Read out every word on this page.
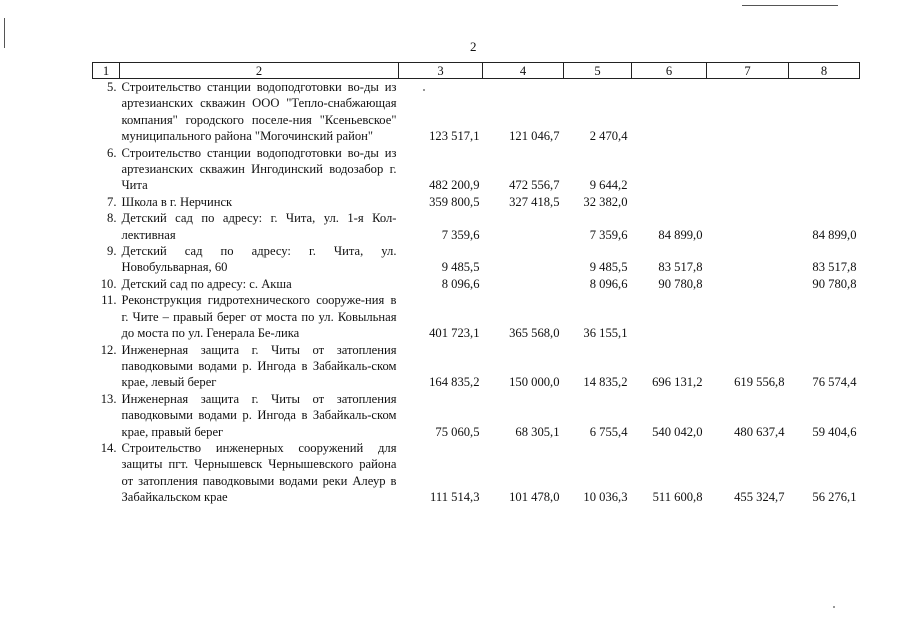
2
1	2	3	4	5	6	7	8
5.	Строительство станции водоподготовки во-ды из артезианских скважин ООО "Тепло-снабжающая компания" городского поселе-ния "Ксеньевское" муниципального района "Могочинский район"	123 517,1	121 046,7	2 470,4			
6.	Строительство станции водоподготовки во-ды из артезианских скважин Ингодинский водозабор г. Чита	482 200,9	472 556,7	9 644,2			
7.	Школа в г. Нерчинск	359 800,5	327 418,5	32 382,0			
8.	Детский сад по адресу: г. Чита, ул. 1-я Кол-лективная	7 359,6		7 359,6	84 899,0		84 899,0
9.	Детский сад по адресу: г. Чита, ул. Новобульварная, 60	9 485,5		9 485,5	83 517,8		83 517,8
10.	Детский сад по адресу: с. Акша	8 096,6		8 096,6	90 780,8		90 780,8
11.	Реконструкция гидротехнического сооруже-ния в г. Чите – правый берег от моста по ул. Ковыльная до моста по ул. Генерала Бе-лика	401 723,1	365 568,0	36 155,1			
12.	Инженерная защита г. Читы от затопления паводковыми водами р. Ингода в Забайкаль-ском крае, левый берег	164 835,2	150 000,0	14 835,2	696 131,2	619 556,8	76 574,4
13.	Инженерная защита г. Читы от затопления паводковыми водами р. Ингода в Забайкаль-ском крае, правый берег	75 060,5	68 305,1	6 755,4	540 042,0	480 637,4	59 404,6
14.	Строительство инженерных сооружений для защиты пгт. Чернышевск Чернышевского района от затопления паводковыми водами реки Алеур в Забайкальском крае	111 514,3	101 478,0	10 036,3	511 600,8	455 324,7	56 276,1
